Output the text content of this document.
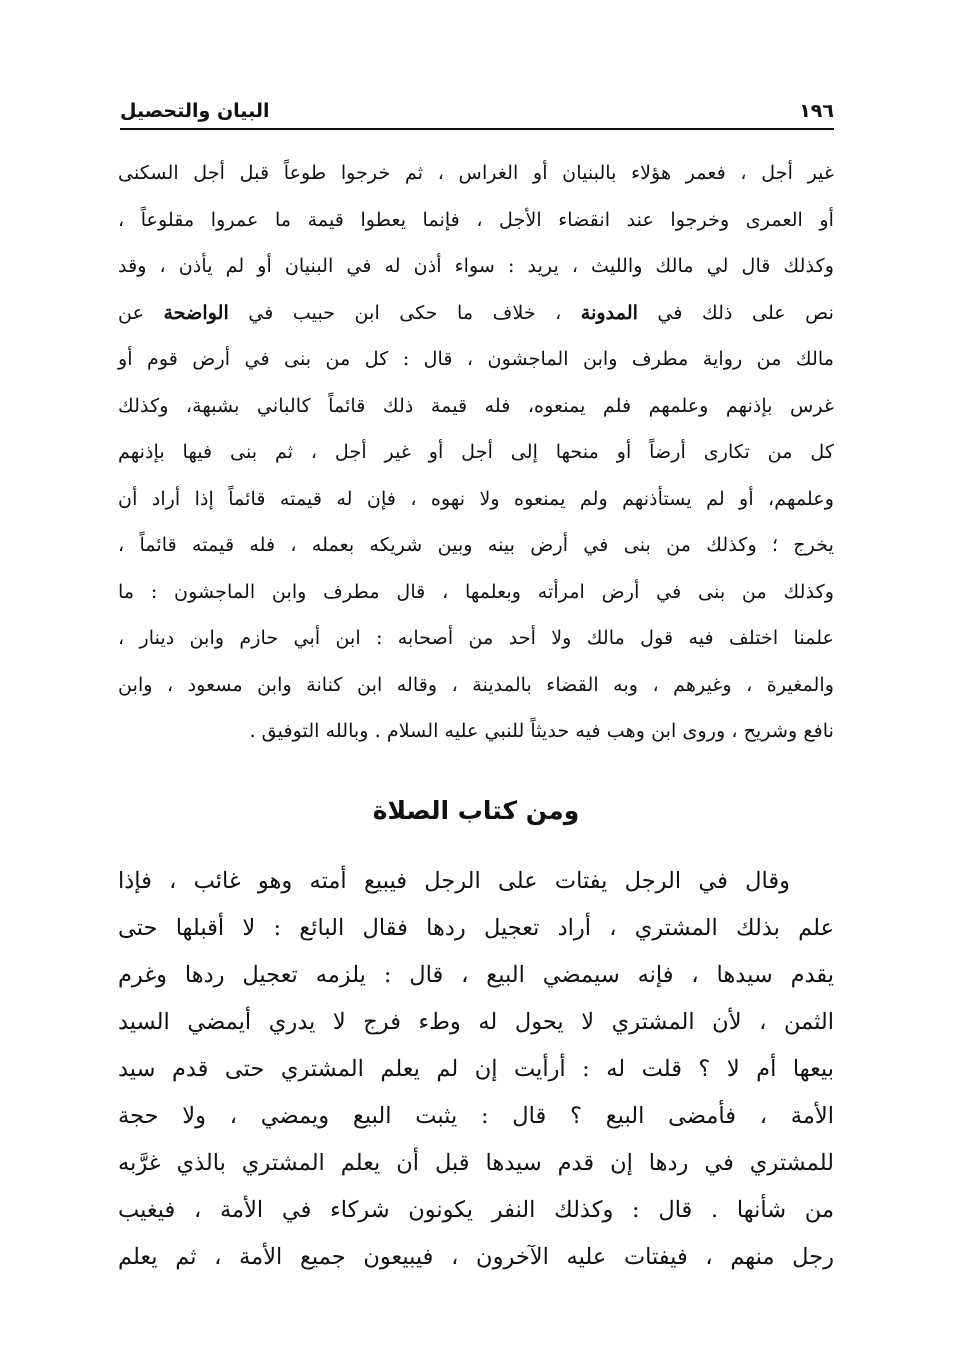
البيان والتحصيل	١٩٦
غير أجل ، فعمر هؤلاء بالبنيان أو الغراس ، ثم خرجوا طوعاً قبل أجل السكنى
أو العمرى وخرجوا عند انقضاء الأجل ، فإنما يعطوا قيمة ما عمروا مقلوعاً ،
وكذلك قال لي مالك والليث ، يريد : سواء أذن له في البنيان أو لم يأذن ، وقد
نص على ذلك في المدونة ، خلاف ما حكى ابن حبيب في الواضحة عن
مالك من رواية مطرف وابن الماجشون ، قال : كل من بنى في أرض قوم أو
غرس بإذنهم وعلمهم فلم يمنعوه، فله قيمة ذلك قائماً كالباني بشبهة، وكذلك
كل من تكارى أرضاً أو منحها إلى أجل أو غير أجل ، ثم بنى فيها بإذنهم
وعلمهم، أو لم يستأذنهم ولم يمنعوه ولا نهوه ، فإن له قيمته قائماً إذا أراد أن
يخرج ؛ وكذلك من بنى في أرض بينه وبين شريكه بعمله ، فله قيمته قائماً ،
وكذلك من بنى في أرض امرأته وبعلمها ، قال مطرف وابن الماجشون : ما
علمنا اختلف فيه قول مالك ولا أحد من أصحابه : ابن أبي حازم وابن دينار ،
والمغيرة ، وغيرهم ، وبه القضاء بالمدينة ، وقاله ابن كنانة وابن مسعود ، وابن
نافع وشريح ، وروى ابن وهب فيه حديثاً للنبي عليه السلام . وبالله التوفيق .
ومن كتاب الصلاة
وقال في الرجل يفتات على الرجل فيبيع أمته وهو غائب ، فإذا
علم بذلك المشتري ، أراد تعجيل ردها فقال البائع : لا أقبلها حتى
يقدم سيدها ، فإنه سيمضي البيع ، قال : يلزمه تعجيل ردها وغرم
الثمن ، لأن المشتري لا يحول له وطء فرج لا يدري أيمضي السيد
بيعها أم لا ؟ قلت له : أرأيت إن لم يعلم المشتري حتى قدم سيد
الأمة ، فأمضى البيع ؟ قال : يثبت البيع ويمضي ، ولا حجة
للمشتري في ردها إن قدم سيدها قبل أن يعلم المشتري بالذي غرَّبه
من شأنها . قال : وكذلك النفر يكونون شركاء في الأمة ، فيغيب
رجل منهم ، فيفتات عليه الآخرون ، فيبيعون جميع الأمة ، ثم يعلم
